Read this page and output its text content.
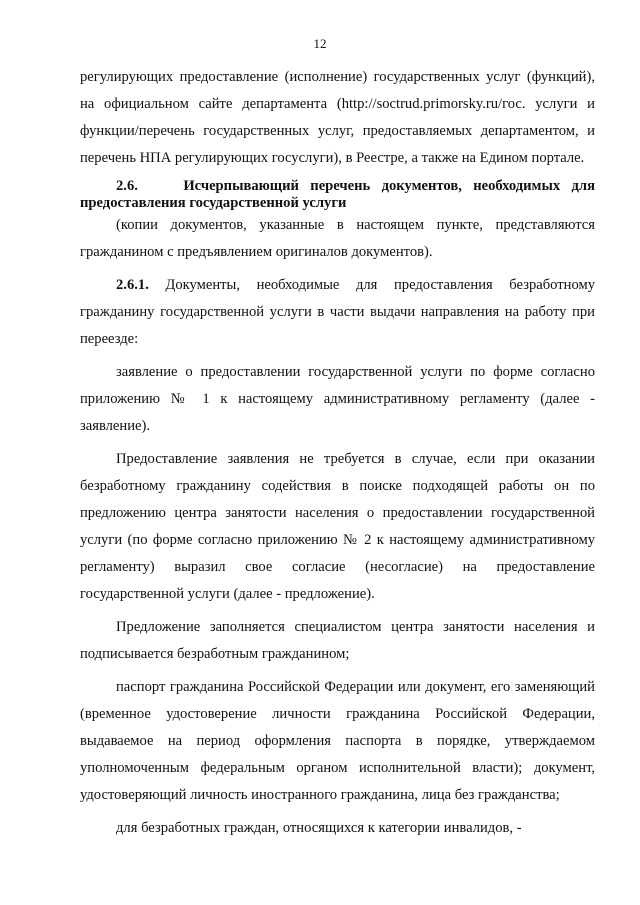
12

регулирующих предоставление (исполнение) государственных услуг (функций), на официальном сайте департамента (http://soctrud.primorsky.ru/гос. услуги и функции/перечень государственных услуг, предоставляемых департаментом, и перечень НПА регулирующих госуслуги), в Реестре, а также на Едином портале.

2.6.	Исчерпывающий перечень документов, необходимых для предоставления государственной услуги

(копии документов, указанные в настоящем пункте, представляются гражданином с предъявлением оригиналов документов).

2.6.1. Документы, необходимые для предоставления безработному гражданину государственной услуги в части выдачи направления на работу при переезде:

заявление о предоставлении государственной услуги по форме согласно приложению № 1 к настоящему административному регламенту (далее - заявление).

Предоставление заявления не требуется в случае, если при оказании безработному гражданину содействия в поиске подходящей работы он по предложению центра занятости населения о предоставлении государственной услуги (по форме согласно приложению № 2 к настоящему административному регламенту) выразил свое согласие (несогласие) на предоставление государственной услуги (далее - предложение).

Предложение заполняется специалистом центра занятости населения и подписывается безработным гражданином;

паспорт гражданина Российской Федерации или документ, его заменяющий (временное удостоверение личности гражданина Российской Федерации, выдаваемое на период оформления паспорта в порядке, утверждаемом уполномоченным федеральным органом исполнительной власти); документ, удостоверяющий личность иностранного гражданина, лица без гражданства;

для безработных граждан, относящихся к категории инвалидов, -
